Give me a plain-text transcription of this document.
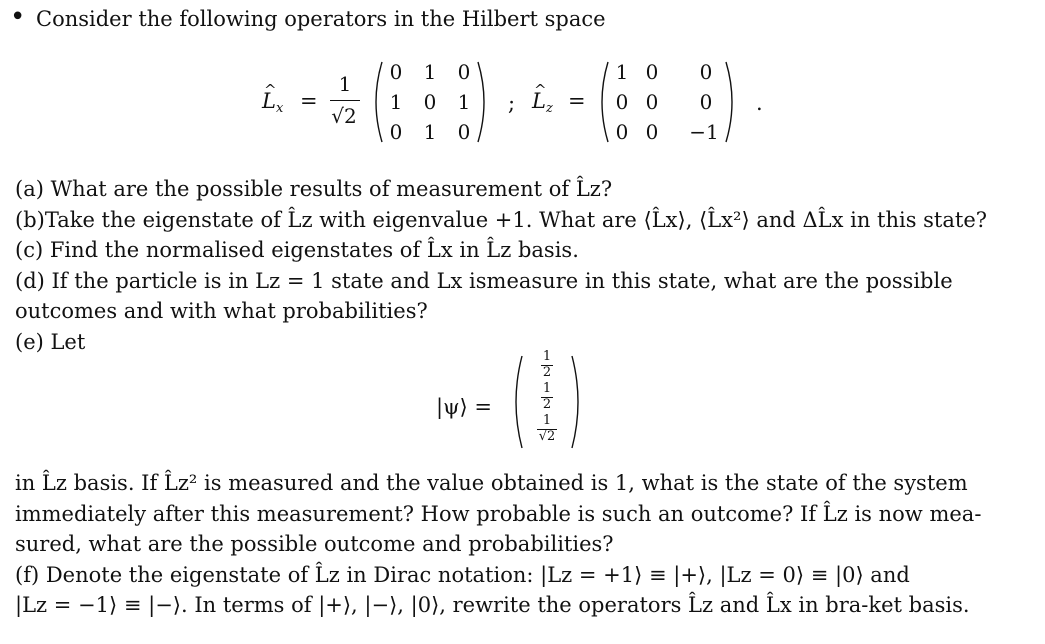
• Consider the following operators in the Hilbert space
^ $L_x$ =
1
√2
0	1	0
1	0	1
0	1	0
;
^ $L_z$ =
1 0	0
0 0	0
0 0	−1
.
(a) What are the possible results of measurement of L̂z?
(b)Take the eigenstate of L̂z with eigenvalue +1. What are ⟨L̂x⟩, ⟨L̂x²⟩ and ΔL̂x in this state?
(c) Find the normalised eigenstates of L̂x in L̂z basis.
(d) If the particle is in Lz = 1 state and Lx ismeasure in this state, what are the possible
outcomes and with what probabilities?
(e) Let
|ψ⟩ =
1
2
1
2
1
√2
in L̂z basis. If L̂z² is measured and the value obtained is 1, what is the state of the system
immediately after this measurement? How probable is such an outcome? If L̂z is now mea-
sured, what are the possible outcome and probabilities?
(f) Denote the eigenstate of L̂z in Dirac notation: |Lz = +1⟩ ≡ |+⟩, |Lz = 0⟩ ≡ |0⟩ and
|Lz = −1⟩ ≡ |−⟩. In terms of |+⟩, |−⟩, |0⟩, rewrite the operators L̂z and L̂x in bra-ket basis.
